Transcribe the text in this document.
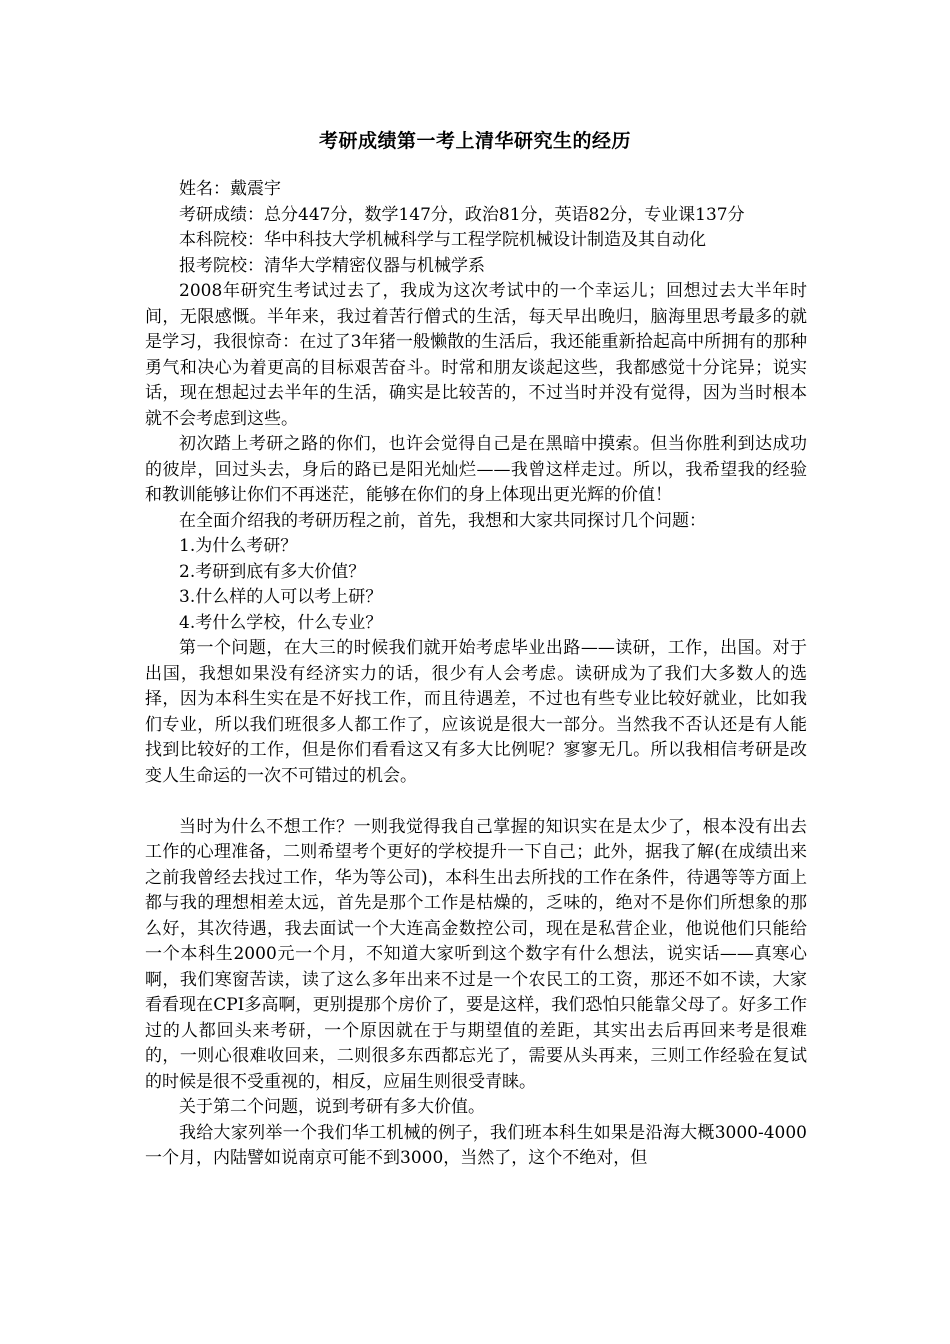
考研成绩第一考上清华研究生的经历

姓名：戴震宇

考研成绩：总分447分，数学147分，政治81分，英语82分，专业课137分

本科院校：华中科技大学机械科学与工程学院机械设计制造及其自动化

报考院校：清华大学精密仪器与机械学系

2008年研究生考试过去了，我成为这次考试中的一个幸运儿；回想过去大半年时间，无限感慨。半年来，我过着苦行僧式的生活，每天早出晚归，脑海里思考最多的就是学习，我很惊奇：在过了3年猪一般懒散的生活后，我还能重新拾起高中所拥有的那种勇气和决心为着更高的目标艰苦奋斗。时常和朋友谈起这些，我都感觉十分诧异；说实话，现在想起过去半年的生活，确实是比较苦的，不过当时并没有觉得，因为当时根本就不会考虑到这些。

初次踏上考研之路的你们，也许会觉得自己是在黑暗中摸索。但当你胜利到达成功的彼岸，回过头去，身后的路已是阳光灿烂——我曾这样走过。所以，我希望我的经验和教训能够让你们不再迷茫，能够在你们的身上体现出更光辉的价值！

在全面介绍我的考研历程之前，首先，我想和大家共同探讨几个问题：

1.为什么考研？

2.考研到底有多大价值？

3.什么样的人可以考上研？

4.考什么学校，什么专业？

第一个问题，在大三的时候我们就开始考虑毕业出路——读研，工作，出国。对于出国，我想如果没有经济实力的话，很少有人会考虑。读研成为了我们大多数人的选择，因为本科生实在是不好找工作，而且待遇差，不过也有些专业比较好就业，比如我们专业，所以我们班很多人都工作了，应该说是很大一部分。当然我不否认还是有人能找到比较好的工作，但是你们看看这又有多大比例呢？寥寥无几。所以我相信考研是改变人生命运的一次不可错过的机会。

当时为什么不想工作？一则我觉得我自己掌握的知识实在是太少了，根本没有出去工作的心理准备，二则希望考个更好的学校提升一下自己；此外，据我了解(在成绩出来之前我曾经去找过工作，华为等公司)，本科生出去所找的工作在条件，待遇等等方面上都与我的理想相差太远，首先是那个工作是枯燥的，乏味的，绝对不是你们所想象的那么好，其次待遇，我去面试一个大连高金数控公司，现在是私营企业，他说他们只能给一个本科生2000元一个月，不知道大家听到这个数字有什么想法，说实话——真寒心啊，我们寒窗苦读，读了这么多年出来不过是一个农民工的工资，那还不如不读，大家看看现在CPI多高啊，更别提那个房价了，要是这样，我们恐怕只能靠父母了。好多工作过的人都回头来考研，一个原因就在于与期望值的差距，其实出去后再回来考是很难的，一则心很难收回来，二则很多东西都忘光了，需要从头再来，三则工作经验在复试的时候是很不受重视的，相反，应届生则很受青睐。

关于第二个问题，说到考研有多大价值。

我给大家列举一个我们华工机械的例子，我们班本科生如果是沿海大概3000-4000一个月，内陆譬如说南京可能不到3000，当然了，这个不绝对，但
